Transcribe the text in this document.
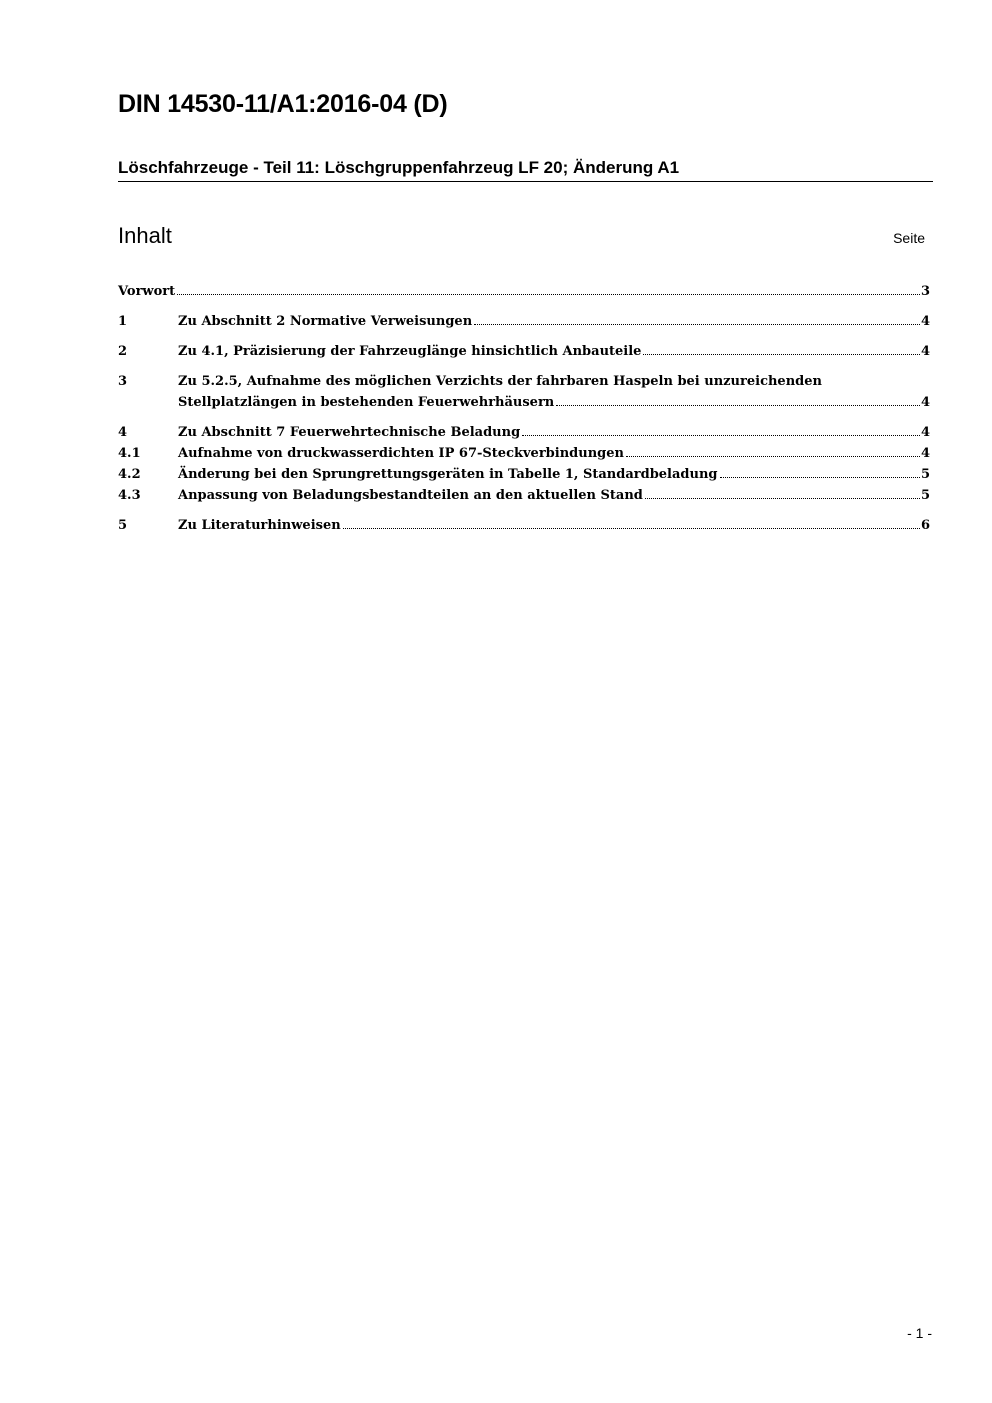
DIN 14530-11/A1:2016-04 (D)
Löschfahrzeuge - Teil 11: Löschgruppenfahrzeug LF 20; Änderung A1
Inhalt	Seite
Vorwort	3
1	Zu Abschnitt 2 Normative Verweisungen	4
2	Zu 4.1, Präzisierung der Fahrzeuglänge hinsichtlich Anbauteile	4
3	Zu 5.2.5, Aufnahme des möglichen Verzichts der fahrbaren Haspeln bei unzureichenden
Stellplatzlängen in bestehenden Feuerwehrhäusern	4
4	Zu Abschnitt 7 Feuerwehrtechnische Beladung	4
4.1	Aufnahme von druckwasserdichten IP 67-Steckverbindungen	4
4.2	Änderung bei den Sprungrettungsgeräten in Tabelle 1, Standardbeladung	5
4.3	Anpassung von Beladungsbestandteilen an den aktuellen Stand	5
5	Zu Literaturhinweisen	6
- 1 -
